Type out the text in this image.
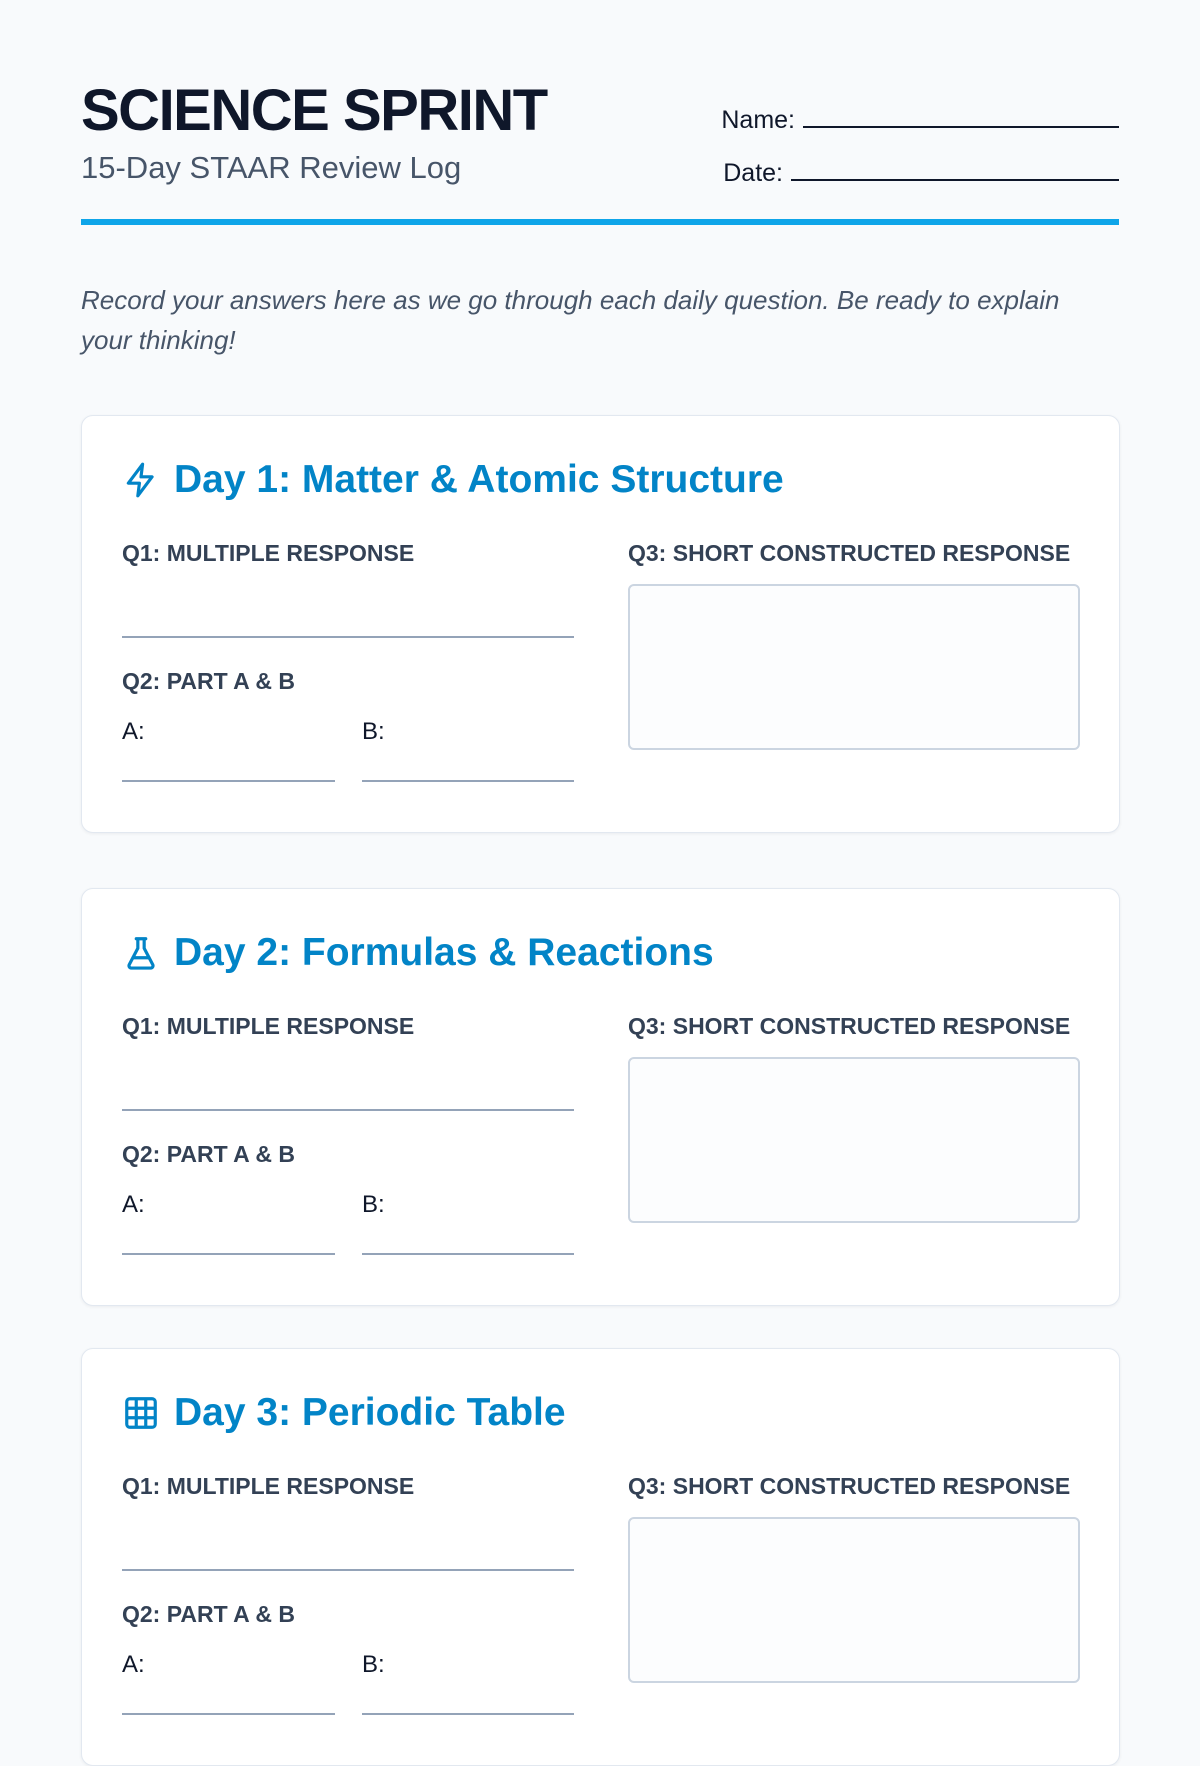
SCIENCE SPRINT
15-Day STAAR Review Log
Name:
Date:

Record your answers here as we go through each daily question. Be ready to explain your thinking!

Day 1: Matter & Atomic Structure
Q1: MULTIPLE RESPONSE
Q2: PART A & B
A:	B:
Q3: SHORT CONSTRUCTED RESPONSE
Day 2: Formulas & Reactions
Q1: MULTIPLE RESPONSE
Q2: PART A & B
A:	B:
Q3: SHORT CONSTRUCTED RESPONSE
Day 3: Periodic Table
Q1: MULTIPLE RESPONSE
Q2: PART A & B
A:	B:
Q3: SHORT CONSTRUCTED RESPONSE
